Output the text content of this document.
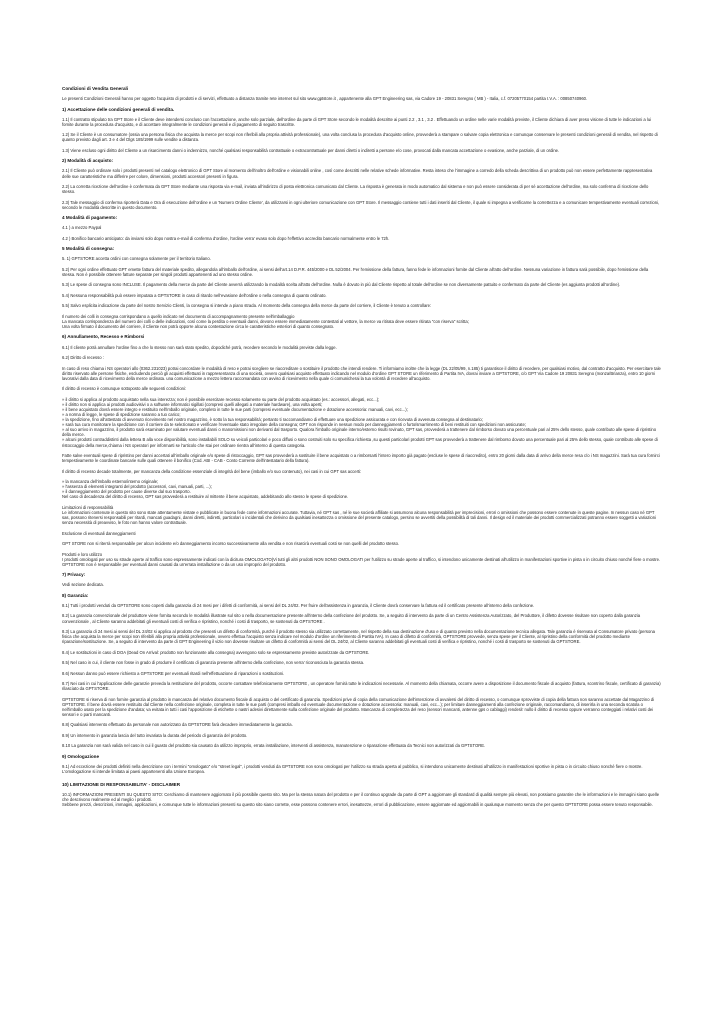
Condizioni di Vendita Generali
Le presenti Condizioni Generali hanno per oggetto l'acquisto di prodotti e di servizi, effettuato a distanza tramite rete internet sul sito www.gptstore.it , appartenente alla GPT Engineering sas, via Cadore 19 - 20831 Seregno ( MB ) - Italia, c.f. 07205770154 partita I.V.A. : 00850740960.
1) Accettazione delle condizioni generali di vendita.
1.1) Il contratto stipulato tra GPT Store e il Cliente deve intendersi concluso con l'accettazione, anche solo parziale, dell'ordine da parte di GPT Store secondo le modalità descritte ai punti 2.2 , 3.1 , 3.2 . Effettuando un ordine nelle varie modalità previste, il Cliente dichiara di aver preso visione di tutte le indicazioni a lui fornite durante la procedura d'acquisto, e di accettare integralmente le condizioni generali e di pagamento di seguito trascritte.
1.2) Se il Cliente è un consumatore (ossia una persona fisica che acquista la merce per scopi non riferibili alla propria attività professionale), una volta conclusa la procedura d'acquisto online, provvederà a stampare o salvare copia elettronica e comunque conservare le presenti condizioni generali di vendita, nel rispetto di quanto previsto dagli art. 3 e 4 del Dlgs 185/1999 sulle vendite a distanza.
1.3) Viene escluso ogni diritto del Cliente a un risarcimento danni o indennizzo, nonché qualsiasi responsabilità contrattuale o extracontrattuale per danni diretti o indiretti a persone e/o cose, provocati dalla mancata accettazione o evasione, anche parziale, di un ordine.
2) Modalità di acquisto:
2.1) Il Cliente può ordinare solo i prodotti presenti nel catalogo elettronico di GPT Store al momento dell'inoltro dell'ordine e visionabili online , così come descritti nelle relative schede informative. Resta inteso che l'immagine a corredo della scheda descrittiva di un prodotto può non essere perfettamente rappresentativa delle sue caratteristiche ma differire per colore, dimensioni, prodotti accessori presenti in figura.
2.2) La corretta ricezione dell'ordine è confermata da GPT Store mediante una risposta via e-mail, inviata all'indirizzo di posta elettronica comunicato dal Cliente. La risposta è generata in modo automatico dal sistema e non può essere considerata di per sé accettazione dell'ordine, ma solo conferma di ricezione dello stesso.
2.3) Tale messaggio di conferma riporterà Data e Ora di esecuzione dell'ordine e un 'Numero Ordine Cliente', da utilizzarsi in ogni ulteriore comunicazione con GPT Store. Il messaggio contiene tutti i dati inseriti dal Cliente, il quale si impegna a verificarne la correttezza e a comunicare tempestivamente eventuali correzioni, secondo le modalità descritte in questo documento.
4 Modalità di pagamento:
4.1 ) a mezzo Paypal
4.2 ) Bonifico bancario anticipato: da inviarsi solo dopo nostra e-mail di conferma d'ordine, l'ordine verra' evaso solo dopo l'effettivo accredito bancario normalmente entro le 72h.
5 Modalità di consegna:
5. 1) GPTSTORE accetta ordini con consegna solamente per il territorio Italiano.
5.2) Per ogni ordine effettuato GPT emette fattura del materiale spedito, allegandola all'imballo dell'ordine, ai sensi dell'art.14 D.P.R. 445/2000 e DL 52/2004. Per l'emissione della fattura, fanno fede le informazioni fornite dal Cliente all'atto dell'ordine. Nessuna variazione in fattura sarà possibile, dopo l'emissione della stessa. Non è possibile ottenere fatture separate per singoli prodotti appartenenti ad uno stesso ordine.
5.3) Le spese di consegna sono INCLUSE. Il pagamento della merce da parte del Cliente avverrà utilizzando la modalità scelta all'atto dell'ordine. Nulla è dovuto in più dal Cliente rispetto al totale dell'ordine se non diversamente pattuito e confermato da parte del Cliente (es aggiunta prodotti all'ordine).
5.4) Nessuna responsabilità può essere imputata a GPTSTORE in caso di ritardo nell'evasione dell'ordine o nella consegna di quanto ordinato.
5.5) Salvo esplicita indicazione da parte del nostro Servizio Clienti, la consegna si intende a piano strada. Al momento della consegna della merce da parte del corriere, il Cliente è tenuto a controllare:
Il numero dei colli in consegna corrispondano a quello indicato nel documento di accompagnamento presente nell'imballaggio
La mancata corrispondenza del numero dei colli o delle indicazioni, così come la perdita o eventuali danni, devono essere immediatamente contestati al vettore, la merce va ritirata deve essere ritirata "con riserva" scritta;
Una volta firmato il documento del corriere, il Cliente non potrà opporre alcuna contestazione circa le caratteristiche esteriori di quanto consegnato.
6) Annullamento, Recesso e Rimborsi
6.1) Il cliente potrà annullare l'ordine fino a che lo stesso non sarà stato spedito, dopodiché potrà, recedere secondo le modalità previste dalla legge.
6.2) Diritto di recesso :
In caso di reso chiama i NS operatori allo (0362.231023) potrai concordare le modalità di reso e potrai scegliere se riaccreditare o sostituire il prodotto che intendi rendere. Ti informiamo inoltre che la legge (DL 22/05/99, n.185) ti garantisce il diritto di recedere, per qualsiasi motivo, dal contratto d'acquisto. Per esercitare tale diritto riservato alle persone fisiche, escludendo perciò gli acquisti effettuati in rappresentanza di una società, ovvero qualsiasi acquisto effettuato indicando nel modulo d'ordine GPT STORE un riferimento di Partita IVA, dovrai inviare a GPTSTORE, c/o GPT Via Cadore 19 20831 Seregno (monza/Brianza), entro 10 giorni lavorativi dalla data di ricevimento della merce ordinata. una comunicazione a mezzo lettera raccomandata con avviso di ricevimento nella quale ci comunicherai la tua volontà di recedere all'acquisto.
Il diritto di recesso è comunque sottoposto alle seguenti condizioni:
» il diritto si applica al prodotto acquistato nella sua interezza; non è possibile esercitare recesso solamente su parte del prodotto acquistato (es.: accessori, allegati, ecc...);
» il diritto non si applica ai prodotti audiovisivi o a software informatici sigillati (compresi quelli allegati a materiale hardware), una volta aperti;
» il bene acquistato dovrà essere integro e restituito nell'imballo originale, completo in tutte le sue parti (compresi eventuale documentazione e dotazione accessoria: manuali, cavi, ecc...);
» a norma di legge, le spese di spedizione saranno a tuo carico;
» la spedizione, fino all'attestato di avvenuto ricevimento nel nostro magazzino, è sotto la tua responsabilità; pertanto ti raccomandiamo di effettuare una spedizione assicurata e con ricevuta di avvenuta consegna al destinatario;
» sarà tua cura monitorare la spedizione con il corriere da te selezionato e verificare l'eventuale stato irregolare della consegna; GPT non risponde in nessun modo per danneggiamenti o furto/smarrimento di beni restituiti con spedizioni non assicurate;
» al suo arrivo in magazzino, il prodotto sarà esaminato per valutare eventuali danni o manomissioni non derivanti dal trasporto. Qualora l'imballo originale interno/esterno risulti rovinato, GPT sas, provvederà a trattenere dal rimborso dovuto una percentuale pari al 25% dello stesso, quale contributo alle spese di ripristino della merce.
» alcuni prodotti contraddistinti dalla lettera B alla voce disponibilità, sono installabili SOLO su veicoli particolari e poco diffusi o sono costruiti solo su specifica richiesta ,su questi particolari prodotti GPT sas provvederà a trattenere dal rimborso dovuto una percentuale pari al 25% dello stesso, quale contributo alle spese di ristoccaggio della merce,chiama i NS operatori per informarti se l'articolo che stai per ordinare rientra all'interno di questa categoria.
Fatte salve eventuali spese di ripristino per danni accertati all'imballo originale e/o spese di ristoccaggio, GPT sas provvederà a sostituire il bene acquistato o a rimborsarti l'intero importo già pagato (escluse le spese di riaccredito), entro 20 giorni dalla data di arrivo della merce resa c/o i NS magazzini. Sarà tua cura fornirci tempestivamente le coordinate bancarie sulle quali ottenere il bonifico (Cod. ABI - CAB - Conto Corrente dell'intestatario della fattura).
Il diritto di recesso decade totalmente, per mancanza della condizione essenziale di integrità del bene (imballo e/o suo contenuto), nei casi in cui GPT sas accerti:
» la mancanza dell'imballo esterno/interno originale;
» l'assenza di elementi integranti del prodotto (accessori, cavi, manuali, parti, ...);
» il danneggiamento del prodotto per cause diverse dal suo trasporto.
Nel caso di decadenza del diritto di recesso, GPT sas provvederà a restituire al mittente il bene acquistato, addebitando allo stesso le spese di spedizione.
Limitazioni di responsabilità
Le informazioni contenute in questo sito sono state attentamente vistate e pubblicate in buona fede come informazioni accurate. Tuttavia, né GPT sas , né le sue società affiliate si assumono alcuna responsabilità per imprecisioni, errori o omissioni che possono essere contenute in queste pagine. In nessun caso né GPT sas, possono ritenersi responsabili per ritardi, mancati guadagni, danni diretti, indiretti, particolari o incidentali che derivino da qualsiasi inesattezza o omissione del presente catalogo, persino se avvertiti della possibilità di tali danni. Il design ed il materiale dei prodotti commercializzati potranno essere soggetti a variazioni senza necessità di preavviso, le foto non hanno valore contrattuale.
Esclusione di eventuali danneggiamenti
GPT STORE non si riterrà responsabile per alcun incidente e/o danneggiamento incorso successivamente alla vendita e non risarcirà eventuali costi se non quelli del prodotto stesso.
Prodotti e loro utilizzo
I prodotti omologati per uso su strade aperte al traffico sono espressamente indicati con la dicitura OMOLOGATO(Vi tutti gli altri prodotti NON SONO OMOLOGATI per l'utilizzo su strade aperte al traffico, si intendono unicamente destinati all'utilizzo in manifestazioni sportive in pista o in circuito chiuso nonché fiere o mostre. GPTSTORE non è responsabile per eventuali danni causati da un'errata installazione o da un uso improprio del prodotto.
7) Privacy:
Vedi sezione dedicata.
8) Garanzia:
8.1) Tutti i prodotti venduti da GPTSTORE sono coperti dalla garanzia di 24 mesi per i difetti di conformità, ai sensi del DL 24/02. Per fruire dell'assistenza in garanzia, il Cliente dovrà conservare la fattura ed il certificato presente all'interno della confezione.
8.2) La garanzia convenzionale del produttore viene fornita secondo le modalità illustrate sul sito o nella documentazione presente all'interno della confezione del prodotto. Se, a seguito di intervento da parte di un Centro Assistenza Autorizzato, del Produttore, il difetto dovesse risultare non coperto dalla garanzia convenzionale , al Cliente saranno addebitati gli eventuali costi di verifica e ripristino, nonché i costi di trasporto, se sostenuti da GPTSTORE .
8.3) La garanzia di 24 mesi ai sensi del DL 24/02 si applica al prodotto che presenti un difetto di conformità, purché il prodotto stesso sia utilizzato correttamente, nel rispetto della sua destinazione d'uso e di quanto previsto nella documentazione tecnica allegata. Tale garanzia è riservata al Consumatore privato (persona fisica che acquista la merce per scopi non riferibili alla propria attività professionale, ovvero effettua l'acquisto senza indicare nel modulo d'ordine un riferimento di Partita IVA). In caso di difetto di conformità, GPTSTORE provvede, senza spese per il Cliente, al ripristino della conformità del prodotto mediante riparazione/sostituzione. Se, a seguito di intervento da parte di GPT Engineering il vizio non dovesse risultare un difetto di conformità ai sensi del DL 24/02, al Cliente saranno addebitati gli eventuali costi di verifica e ripristino, nonché i costi di trasporto se sostenuti da GPTSTORE.
8.4) Le sostituzioni in caso di DOA (Dead On Arrival: prodotto non funzionante alla consegna) avvengono solo se espressamente previste autorizzate da GPTSTORE.
8.5) Nel caso in cui, il cliente non fosse in grado di produrre il certificato di garanzia presente all'interno della confezione, non verra' riconosciuta la garanzia stessa.
8.6) Nessun danno può essere richiesto a GPTSTORE per eventuali ritardi nell'effettuazione di riparazioni o sostituzioni.
8.7) Nei casi in cui l'applicazione delle garanzie preveda la restituzione del prodotto, occorre contattare telefonicamente GPTSTORE , un operatore fornirà tutte le indicazioni necessarie. Al momento della chiamata, occorre avere a disposizione il documento fiscale di acquisto (fattura, scontrino fiscale, certificato di garanzia) rilasciato da GPTSTORE.
GPTSTORE si riserva di non fornire garanzia al prodotto in mancanza del relativo documento fiscale di acquisto o del certificato di garanzia. Spedizioni prive di copia della comunicazione dell'intenzione di avvalersi del diritto di recesso, o comunque sprovviste di copia della fattura non saranno accettate dal Magazzino di GPTSTORE. Il bene dovrà essere restituito dal Cliente nella confezione originale, completa in tutte le sue parti (compresi imballo ed eventuale documentazione e dotazione accessoria: manuali, cavi, ecc...); per limitare danneggiamenti alla confezione originale, raccomandiamo, di inserirla in una seconda scatola o nell'imballo usato per la spedizione d'andata; va evitata in tutti i casi l'apposizione di etichette o nastri adesivi direttamente sulla confezione originale del prodotto. Mancanza di completezza del reso (sensori mancanti, antenne gps o cablaggi) renderà' nullo il diritto di recesso oppure verranno conteggiati i relativi costi dei sensori e o parti mancanti.
8.8) Qualsiasi intervento effettuato da personale non autorizzato da GPTSTORE farà decadere immediatamente la garanzia.
8.9) Un intervento in garanzia lascia del tutto invariata la durata del periodo di garanzia del prodotto.
8.10 La garanzia non sarà valida nel caso in cui il guasto del prodotto sia causato da utilizzo improprio, errata installazione, interventi di assistenza, manutenzione o riparazione effettuata da Tecnici non autorizzati da GPTSTORE.
9) Omologazione
9.1) Ad eccezione dei prodotti definiti nella descrizione con i termini "omologato" e/o "street legal", i prodotti venduti da GPTSTORE non sono omologati per l'utilizzo su strada aperta al pubblico, si intendono unicamente destinati all'utilizzo in manifestazioni sportive in pista o in circuito chiuso nonché fiere o mostre. L'omologazione si intende limitata ai paesi appartenenti alla Unione Europea.
10) LIMITAZIONE DI RESPONSABILITA' - DISCLAIMER
10.1) INFORMAZIONI PRESENTI SU QUESTO SITO: Cerchiamo di mantenere aggiornato il più possibile questo sito. Ma per la stessa natura del prodotto e per il continuo upgrade da parte di GPT a aggiornare gli standard di qualità sempre più elevati, non possiamo garantire che le informazioni e le immagini siano quelle che descrivono realmente ed al meglio i prodotti.
Sebbene prezzi, descrizioni, immagini, applicazioni, e comunque tutte le informazioni presenti su questo sito siano corrette, esse possono contenere errori, inesattezze, errori di pubblicazione, essere aggiornate ed aggiornabili in qualunque momento senza che per questo GPTSTORE possa essere tenuto responsabile.
